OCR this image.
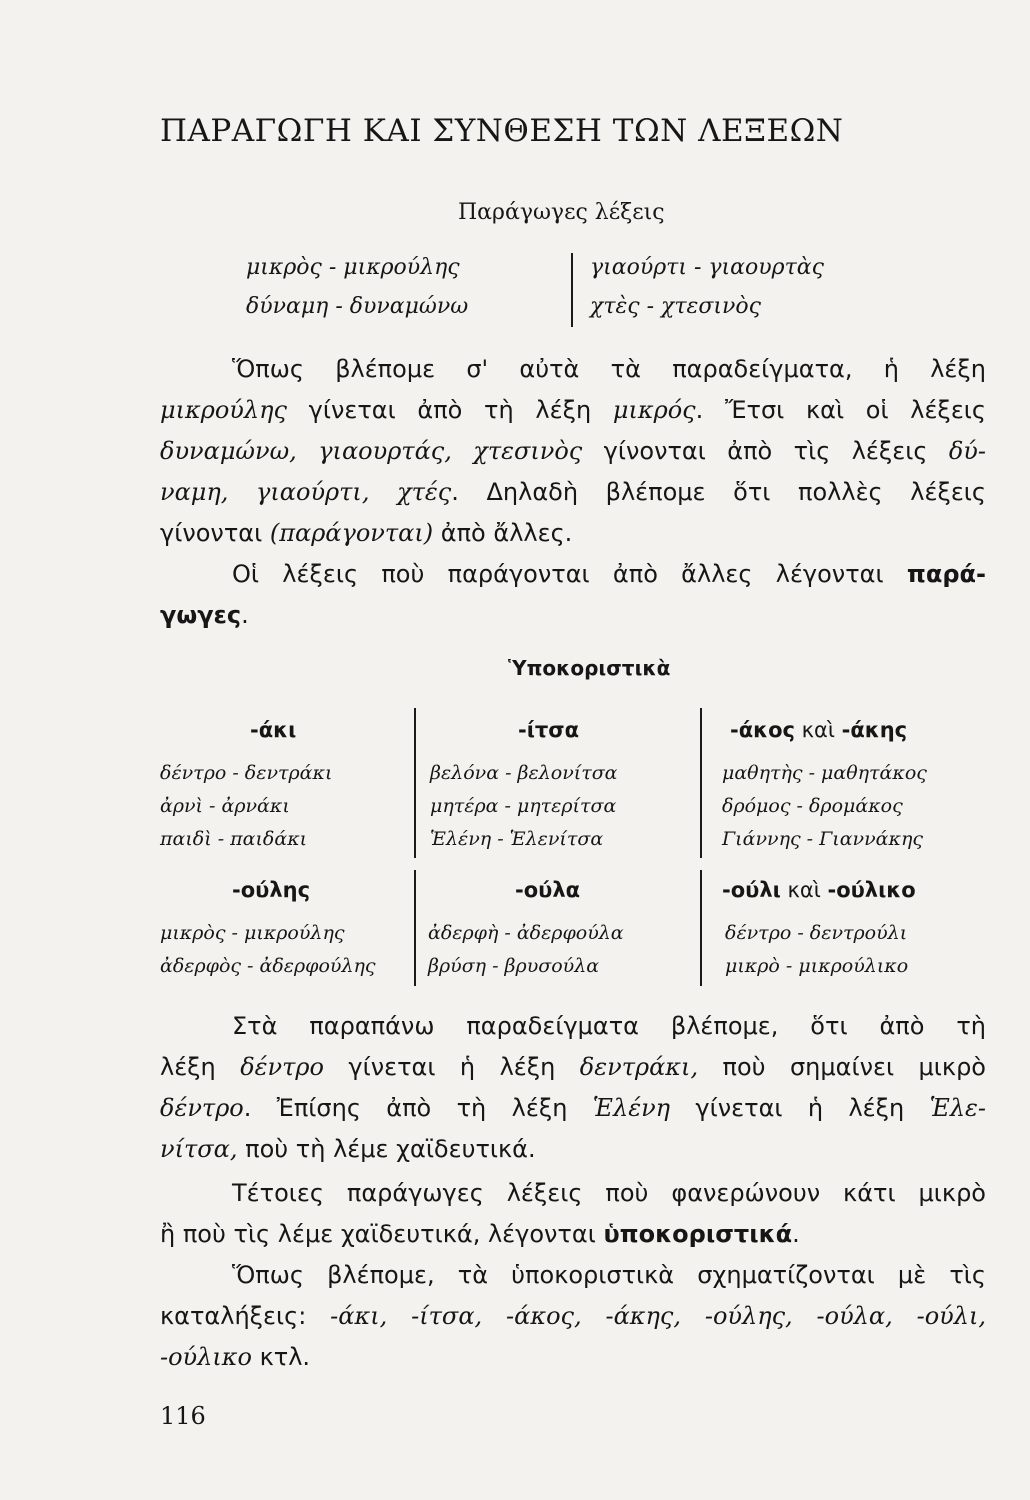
ΠΑΡΑΓΩΓΗ ΚΑΙ ΣΥΝΘΕΣΗ ΤΩΝ ΛΕΞΕΩΝ
Παράγωγες λέξεις
μικρὸς - μικρούλης	γιαούρτι - γιαουρτὰς
δύναμη - δυναμώνω	χτὲς - χτεσινὸς
Ὅπως βλέπομε σ' αὐτὰ τὰ παραδείγματα, ἡ λέξη
μικρούλης γίνεται ἀπὸ τὴ λέξη μικρός. Ἔτσι καὶ οἱ λέξεις
δυναμώνω, γιαουρτάς, χτεσινὸς γίνονται ἀπὸ τὶς λέξεις δύ-
ναμη, γιαούρτι, χτές. Δηλαδὴ βλέπομε ὅτι πολλὲς λέξεις
γίνονται (παράγονται) ἀπὸ ἄλλες.
Οἱ λέξεις ποὺ παράγονται ἀπὸ ἄλλες λέγονται παρά-
γωγες.
Ὑποκοριστικὰ
-άκι	-ίτσα	-άκος καὶ -άκης
δέντρο - δεντράκι	βελόνα - βελονίτσα	μαθητὴς - μαθητάκος
ἀρνὶ - ἀρνάκι	μητέρα - μητερίτσα	δρόμος - δρομάκος
παιδὶ - παιδάκι	Ἑλένη - Ἑλενίτσα	Γιάννης - Γιαννάκης
-ούλης	-ούλα	-ούλι καὶ -ούλικο
μικρὸς - μικρούλης	ἀδερφὴ - ἀδερφούλα	δέντρο - δεντρούλι
ἀδερφὸς - ἀδερφούλης	βρύση - βρυσούλα	μικρὸ - μικρούλικο
Στὰ παραπάνω παραδείγματα βλέπομε, ὅτι ἀπὸ τὴ
λέξη δέντρο γίνεται ἡ λέξη δεντράκι, ποὺ σημαίνει μικρὸ
δέντρο. Ἐπίσης ἀπὸ τὴ λέξη Ἑλένη γίνεται ἡ λέξη Ἑλε-
νίτσα, ποὺ τὴ λέμε χαϊδευτικά.
Τέτοιες παράγωγες λέξεις ποὺ φανερώνουν κάτι μικρὸ
ἢ ποὺ τὶς λέμε χαϊδευτικά, λέγονται ὑποκοριστικά.
Ὅπως βλέπομε, τὰ ὑποκοριστικὰ σχηματίζονται μὲ τὶς
καταλήξεις: -άκι, -ίτσα, -άκος, -άκης, -ούλης, -ούλα, -ούλι,
-ούλικο κτλ.
116
